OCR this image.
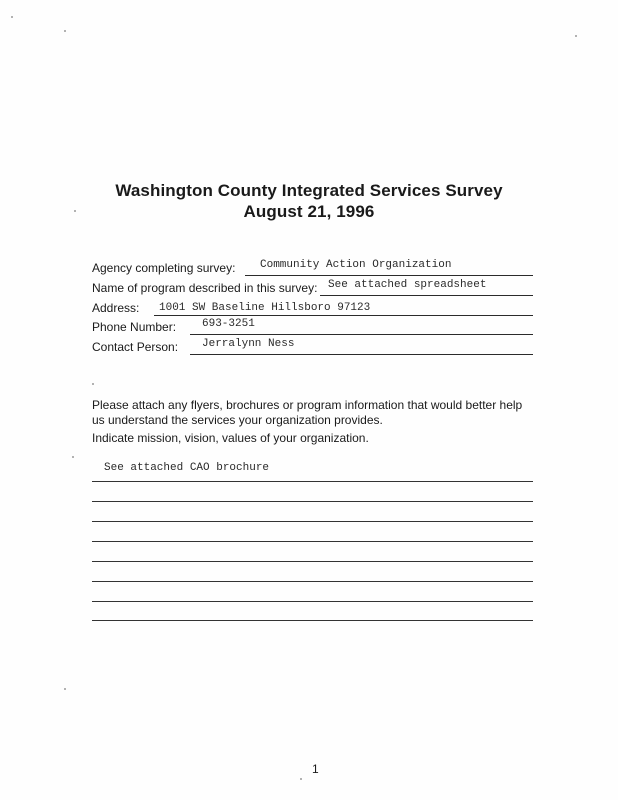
Washington County Integrated Services Survey
August 21, 1996
Agency completing survey: Community Action Organization
Name of program described in this survey: See attached spreadsheet
Address: 1001 SW Baseline Hillsboro 97123
Phone Number: 693-3251
Contact Person: Jerralynn Ness
Please attach any flyers, brochures or program information that would better help us understand the services your organization provides.
Indicate mission, vision, values of your organization.
See attached CAO brochure
1
